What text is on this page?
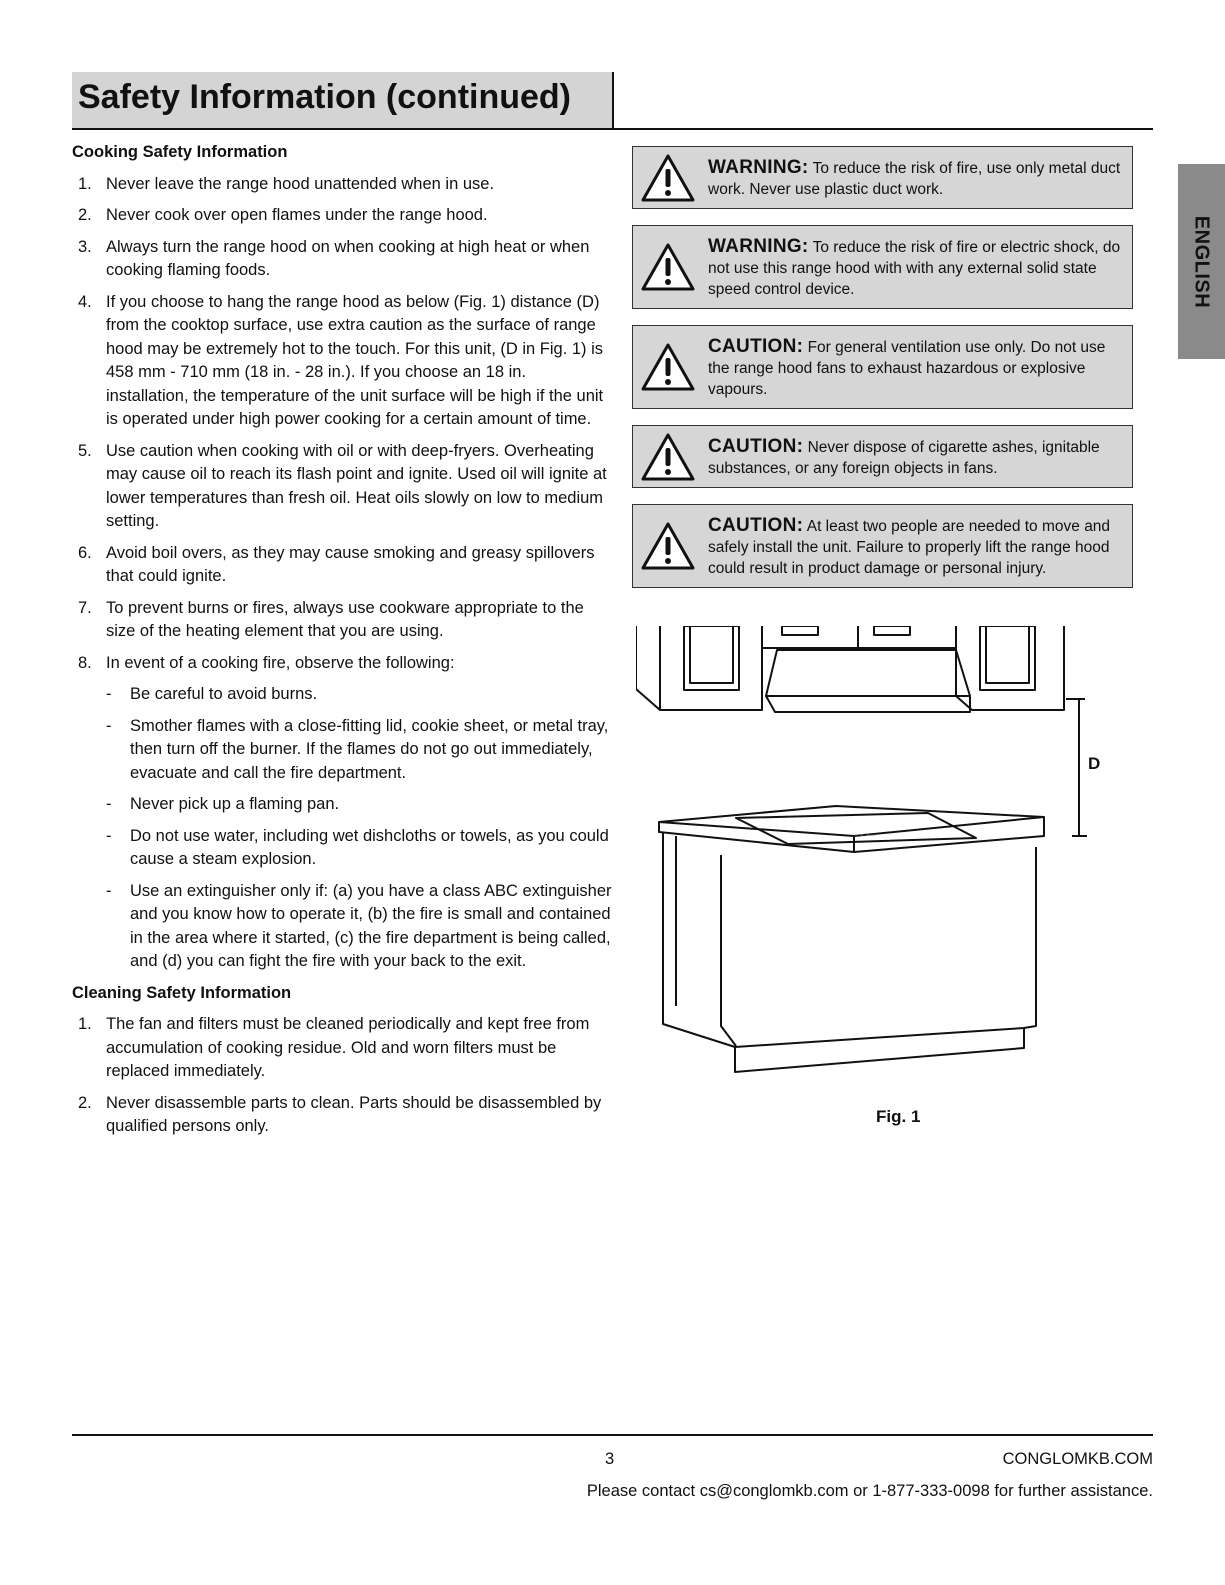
Safety Information (continued)
ENGLISH
Cooking Safety Information
1. Never leave the range hood unattended when in use.
2. Never cook over open flames under the range hood.
3. Always turn the range hood on when cooking at high heat or when cooking flaming foods.
4. If you choose to hang the range hood as below (Fig. 1) distance (D) from the cooktop surface, use extra caution as the surface of range hood may be extremely hot to the touch. For this unit, (D in Fig. 1) is 458 mm - 710 mm (18 in. - 28 in.). If you choose an 18 in. installation, the temperature of the unit surface will be high if the unit is operated under high power cooking for a certain amount of time.
5. Use caution when cooking with oil or with deep-fryers. Overheating may cause oil to reach its flash point and ignite. Used oil will ignite at lower temperatures than fresh oil. Heat oils slowly on low to medium setting.
6. Avoid boil overs, as they may cause smoking and greasy spillovers that could ignite.
7. To prevent burns or fires, always use cookware appropriate to the size of the heating element that you are using.
8. In event of a cooking fire, observe the following:
- Be careful to avoid burns.
- Smother flames with a close-fitting lid, cookie sheet, or metal tray, then turn off the burner. If the flames do not go out immediately, evacuate and call the fire department.
- Never pick up a flaming pan.
- Do not use water, including wet dishcloths or towels, as you could cause a steam explosion.
- Use an extinguisher only if: (a) you have a class ABC extinguisher and you know how to operate it, (b) the fire is small and contained in the area where it started, (c) the fire department is being called, and (d) you can fight the fire with your back to the exit.
Cleaning Safety Information
1. The fan and filters must be cleaned periodically and kept free from accumulation of cooking residue. Old and worn filters must be replaced immediately.
2. Never disassemble parts to clean. Parts should be disassembled by qualified persons only.
WARNING: To reduce the risk of fire, use only metal duct work. Never use plastic duct work.
WARNING: To reduce the risk of fire or electric shock, do not use this range hood with with any external solid state speed control device.
CAUTION: For general ventilation use only. Do not use the range hood fans to exhaust hazardous or explosive vapours.
CAUTION: Never dispose of cigarette ashes, ignitable substances, or any foreign objects in fans.
CAUTION: At least two people are needed to move and safely install the unit. Failure to properly lift the range hood could result in product damage or personal injury.
D
Fig. 1
3	CONGLOMKB.COM
Please contact cs@conglomkb.com or 1-877-333-0098 for further assistance.
